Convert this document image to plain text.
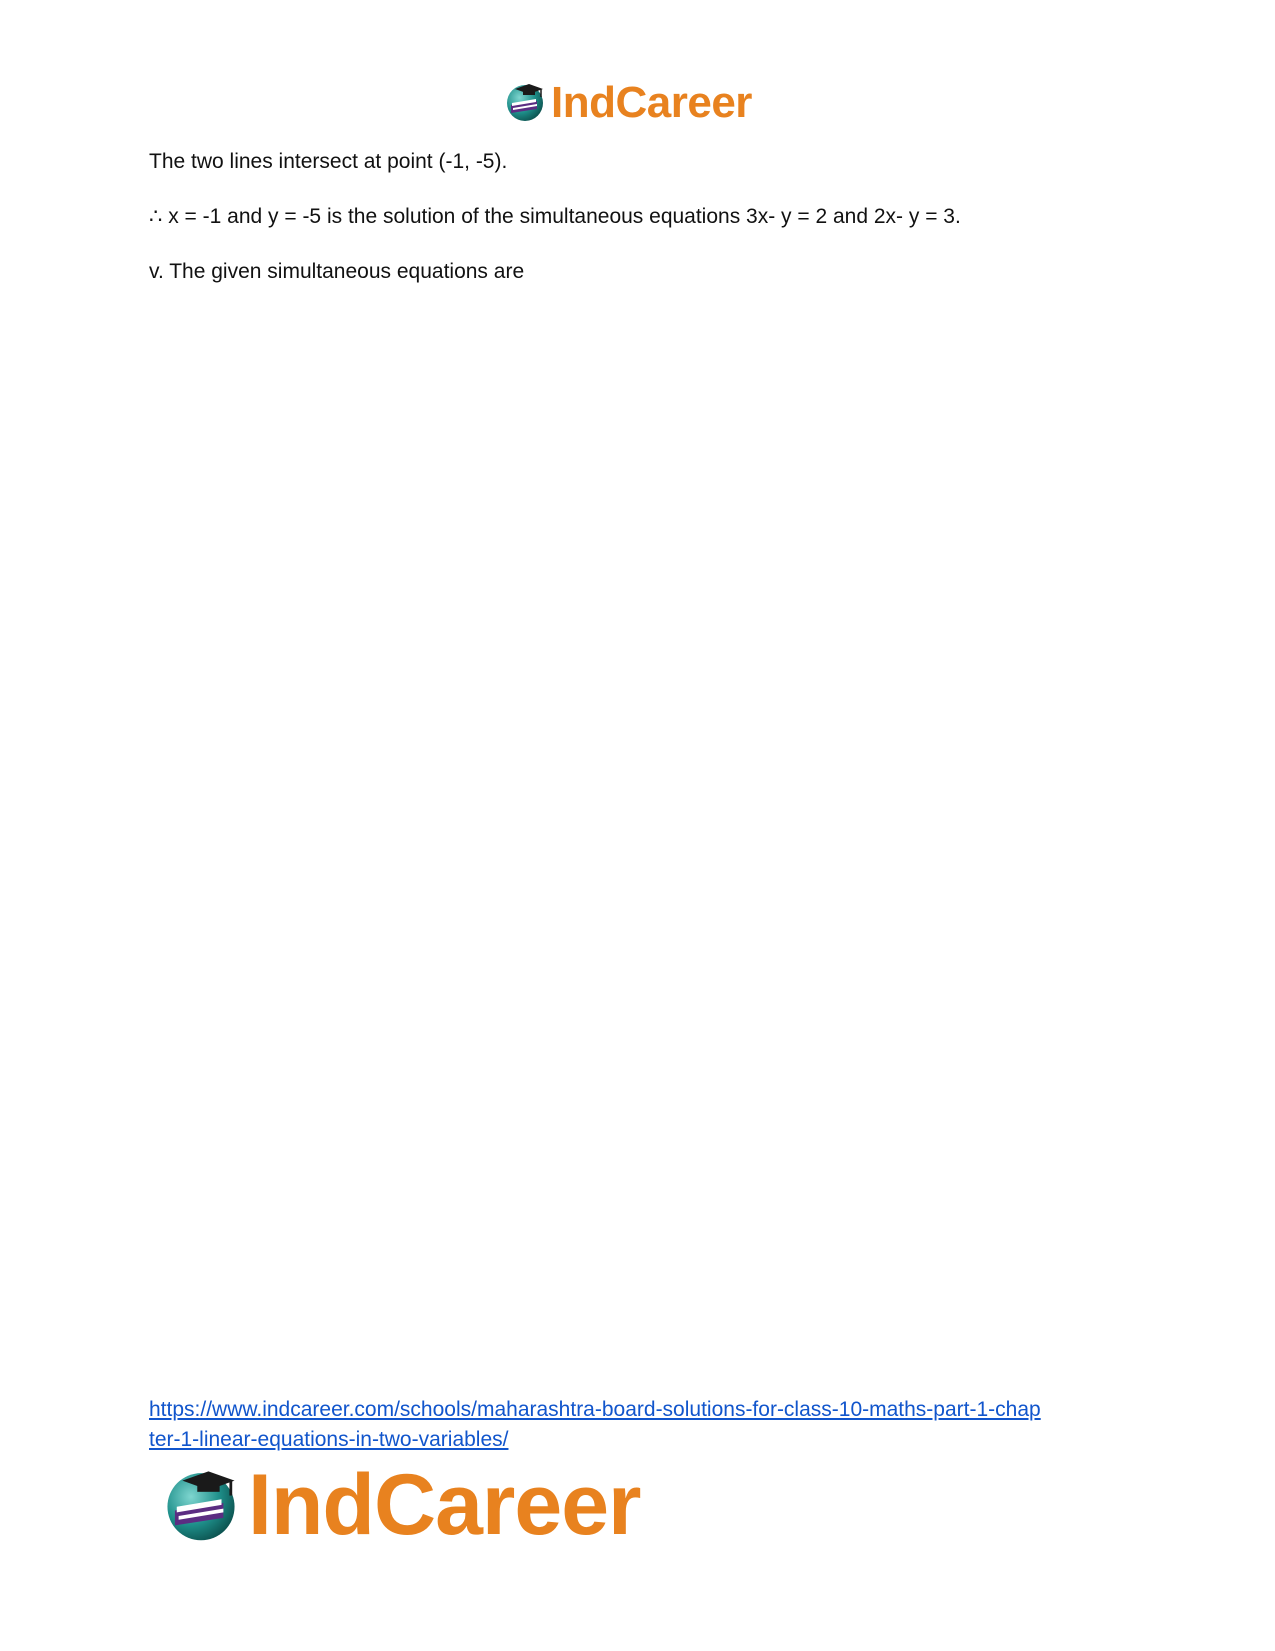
IndCareer
The two lines intersect at point (-1, -5).
∴ x = -1 and y = -5 is the solution of the simultaneous equations 3x- y = 2 and 2x- y = 3.
v. The given simultaneous equations are
https://www.indcareer.com/schools/maharashtra-board-solutions-for-class-10-maths-part-1-chap
ter-1-linear-equations-in-two-variables/
IndCareer
